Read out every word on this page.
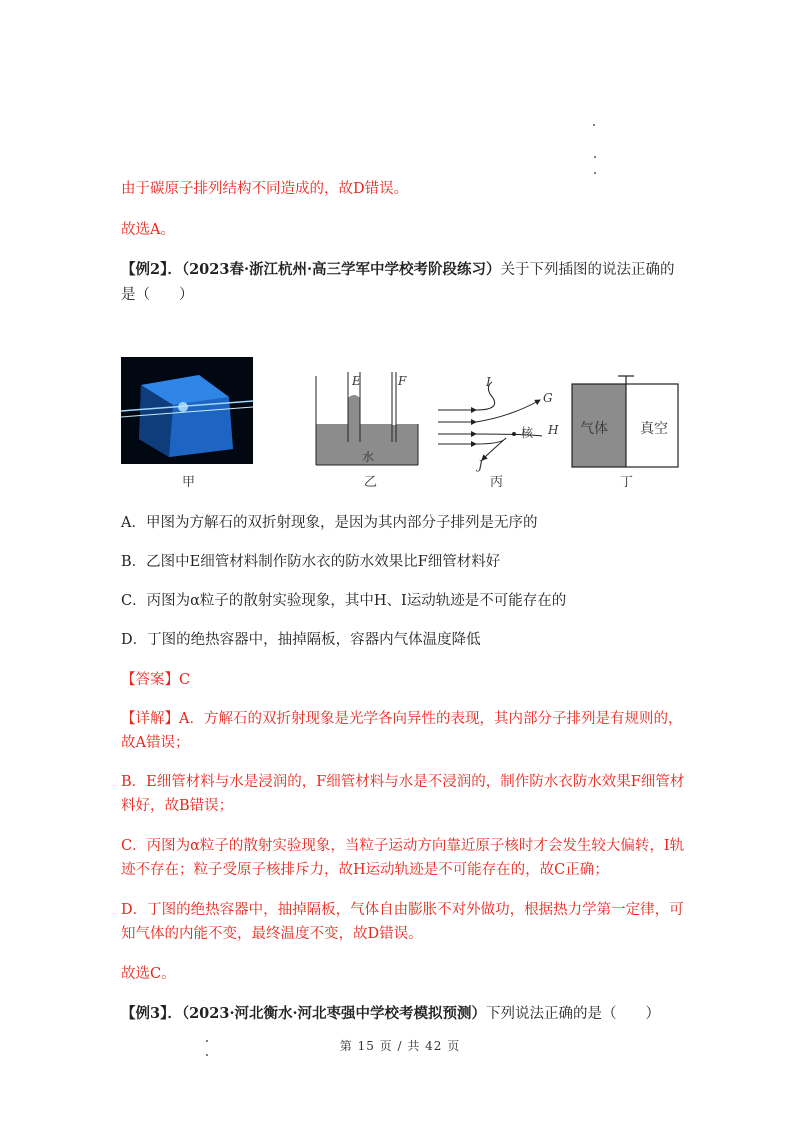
由于碳原子排列结构不同造成的，故D错误。
故选A。
【例2】．（2023春·浙江杭州·高三学军中学校考阶段练习）关于下列插图的说法正确的
是（　　）
甲
E	F
水
乙
I
G
H
核
J
丙
气体 真空
丁
A．甲图为方解石的双折射现象，是因为其内部分子排列是无序的
B．乙图中E细管材料制作防水衣的防水效果比F细管材料好
C．丙图为α粒子的散射实验现象，其中H、I运动轨迹是不可能存在的
D．丁图的绝热容器中，抽掉隔板，容器内气体温度降低
【答案】C
【详解】A．方解石的双折射现象是光学各向异性的表现，其内部分子排列是有规则的，
故A错误；
B．E细管材料与水是浸润的，F细管材料与水是不浸润的，制作防水衣防水效果F细管材
料好，故B错误；
C．丙图为α粒子的散射实验现象，当粒子运动方向靠近原子核时才会发生较大偏转，I轨
迹不存在；粒子受原子核排斥力，故H运动轨迹是不可能存在的，故C正确；
D．丁图的绝热容器中，抽掉隔板，气体自由膨胀不对外做功，根据热力学第一定律，可
知气体的内能不变，最终温度不变，故D错误。
故选C。
【例3】．（2023·河北衡水·河北枣强中学校考模拟预测）下列说法正确的是（　　）
第 15 页 / 共 42 页
